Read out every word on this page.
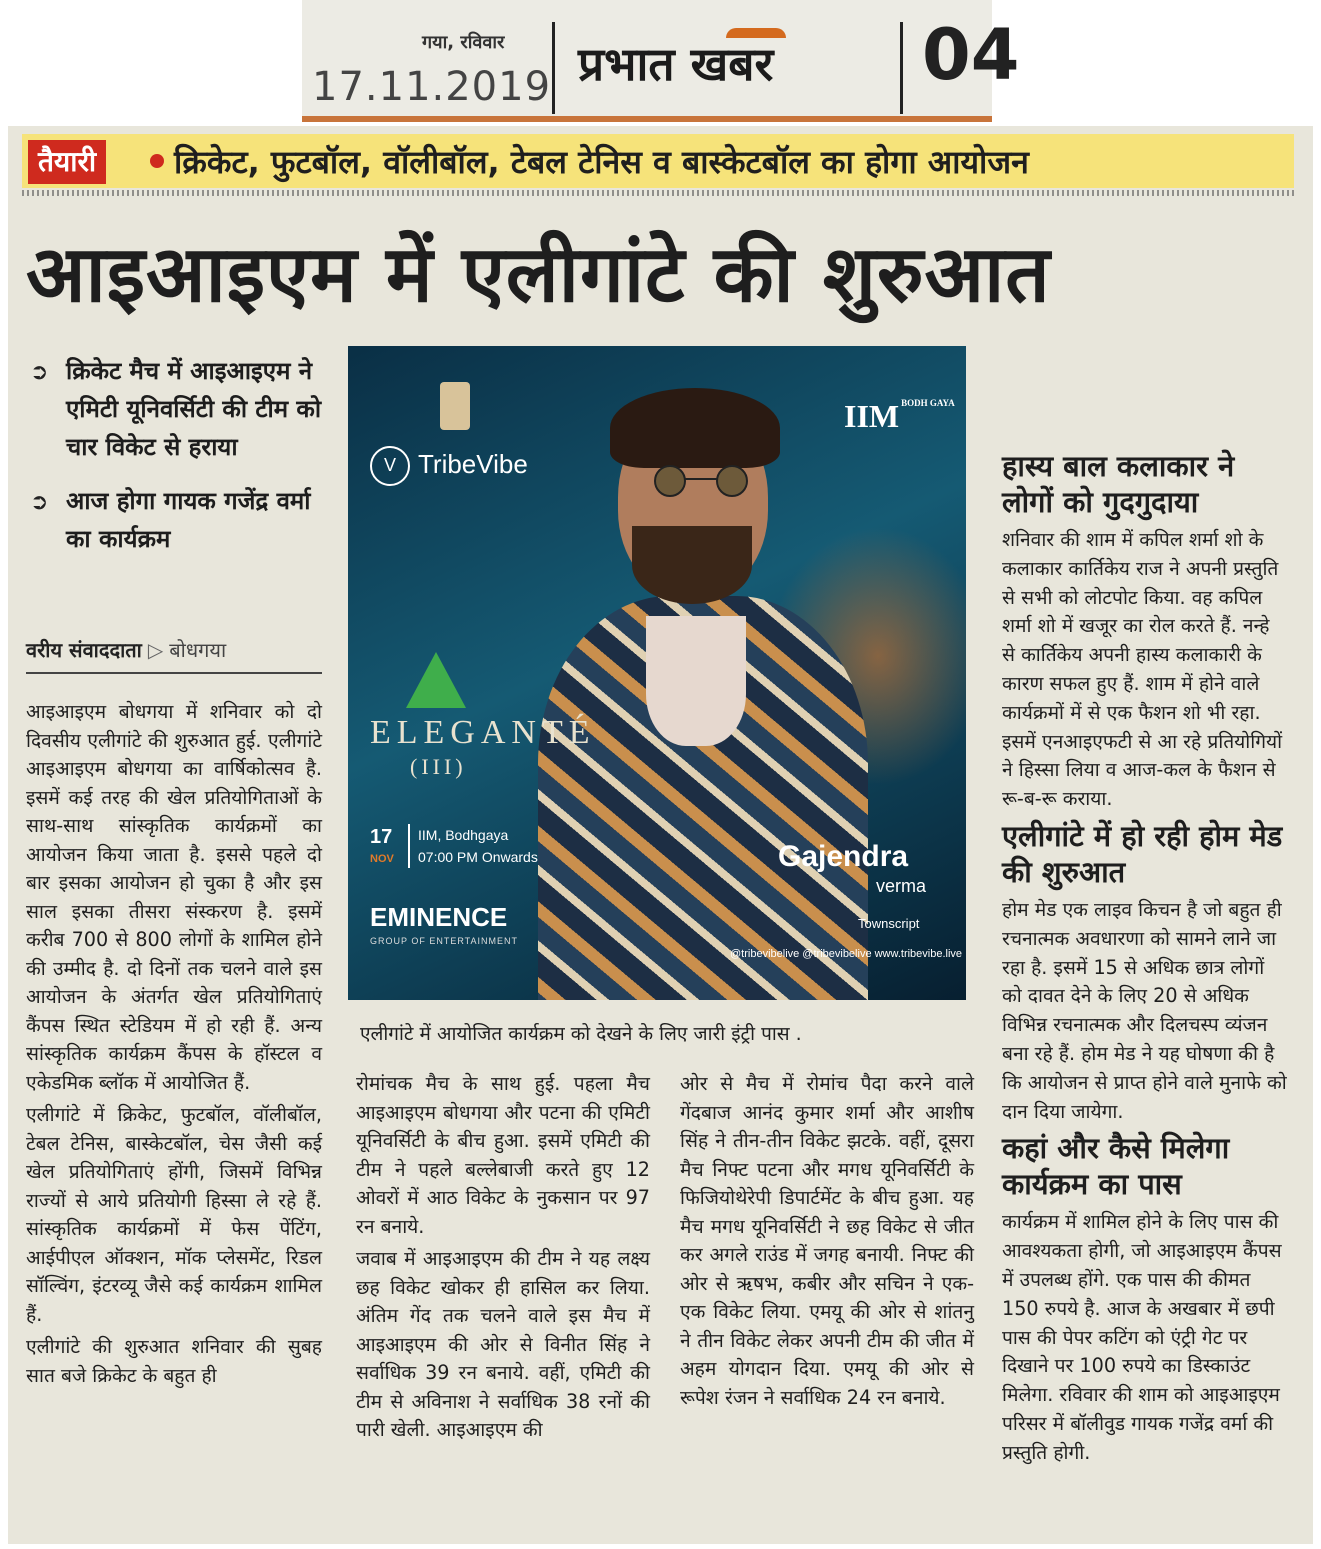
गया, रविवार
17.11.2019 प्रभात खबर 04
तैयारी	क्रिकेट, फुटबॉल, वॉलीबॉल, टेबल टेनिस व बास्केटबॉल का होगा आयोजन
आइआइएम में एलीगांटे की शुरुआत
➲ क्रिकेट मैच में आइआइएम ने एमिटी यूनिवर्सिटी की टीम को चार विकेट से हराया
➲ आज होगा गायक गजेंद्र वर्मा का कार्यक्रम
वरीय संवाददाता ▷ बोधगया

आइआइएम बोधगया में शनिवार को दो दिवसीय एलीगांटे की शुरुआत हुई. एलीगांटे आइआइएम बोधगया का वार्षिकोत्सव है. इसमें कई तरह की खेल प्रतियोगिताओं के साथ-साथ सांस्कृतिक कार्यक्रमों का आयोजन किया जाता है. इससे पहले दो बार इसका आयोजन हो चुका है और इस साल इसका तीसरा संस्करण है. इसमें करीब 700 से 800 लोगों के शामिल होने की उम्मीद है. दो दिनों तक चलने वाले इस आयोजन के अंतर्गत खेल प्रतियोगिताएं कैंपस स्थित स्टेडियम में हो रही हैं. अन्य सांस्कृतिक कार्यक्रम कैंपस के हॉस्टल व एकेडमिक ब्लॉक में आयोजित हैं.

एलीगांटे में क्रिकेट, फुटबॉल, वॉलीबॉल, टेबल टेनिस, बास्केटबॉल, चेस जैसी कई खेल प्रतियोगिताएं होंगी, जिसमें विभिन्न राज्यों से आये प्रतियोगी हिस्सा ले रहे हैं. सांस्कृतिक कार्यक्रमों में फेस पेंटिंग, आईपीएल ऑक्शन, मॉक प्लेसमेंट, रिडल सॉल्विंग, इंटरव्यू जैसे कई कार्यक्रम शामिल हैं.

एलीगांटे की शुरुआत शनिवार की सुबह सात बजे क्रिकेट के बहुत ही

V TribeVibe
IIM $^{BODH GAYA}$
ELEGANTÉ
(III)
17
NOV
IIM, Bodhgaya
07:00 PM Onwards	Gajendra
verma
EMINENCE
GROUP OF ENTERTAINMENT
Townscript
@tribevibelive @tribevibelive www.tribevibe.live
एलीगांटे में आयोजित कार्यक्रम को देखने के लिए जारी इंट्री पास .

रोमांचक मैच के साथ हुई. पहला मैच आइआइएम बोधगया और पटना की एमिटी यूनिवर्सिटी के बीच हुआ. इसमें एमिटी की टीम ने पहले बल्लेबाजी करते हुए 12 ओवरों में आठ विकेट के नुकसान पर 97 रन बनाये.

जवाब में आइआइएम की टीम ने यह लक्ष्य छह विकेट खोकर ही हासिल कर लिया. अंतिम गेंद तक चलने वाले इस मैच में आइआइएम की ओर से विनीत सिंह ने सर्वाधिक 39 रन बनाये. वहीं, एमिटी की टीम से अविनाश ने सर्वाधिक 38 रनों की पारी खेली. आइआइएम की

ओर से मैच में रोमांच पैदा करने वाले गेंदबाज आनंद कुमार शर्मा और आशीष सिंह ने तीन-तीन विकेट झटके. वहीं, दूसरा मैच निफ्ट पटना और मगध यूनिवर्सिटी के फिजियोथेरेपी डिपार्टमेंट के बीच हुआ. यह मैच मगध यूनिवर्सिटी ने छह विकेट से जीत कर अगले राउंड में जगह बनायी. निफ्ट की ओर से ऋषभ, कबीर और सचिन ने एक-एक विकेट लिया. एमयू की ओर से शांतनु ने तीन विकेट लेकर अपनी टीम की जीत में अहम योगदान दिया. एमयू की ओर से रूपेश रंजन ने सर्वाधिक 24 रन बनाये.

हास्य बाल कलाकार ने लोगों को गुदगुदाया

शनिवार की शाम में कपिल शर्मा शो के कलाकार कार्तिकेय राज ने अपनी प्रस्तुति से सभी को लोटपोट किया. वह कपिल शर्मा शो में खजूर का रोल करते हैं. नन्हे से कार्तिकेय अपनी हास्य कलाकारी के कारण सफल हुए हैं. शाम में होने वाले कार्यक्रमों में से एक फैशन शो भी रहा. इसमें एनआइएफटी से आ रहे प्रतियोगियों ने हिस्सा लिया व आज-कल के फैशन से रू-ब-रू कराया.

एलीगांटे में हो रही होम मेड की शुरुआत

होम मेड एक लाइव किचन है जो बहुत ही रचनात्मक अवधारणा को सामने लाने जा रहा है. इसमें 15 से अधिक छात्र लोगों को दावत देने के लिए 20 से अधिक विभिन्न रचनात्मक और दिलचस्प व्यंजन बना रहे हैं. होम मेड ने यह घोषणा की है कि आयोजन से प्राप्त होने वाले मुनाफे को दान दिया जायेगा.

कहां और कैसे मिलेगा कार्यक्रम का पास

कार्यक्रम में शामिल होने के लिए पास की आवश्यकता होगी, जो आइआइएम कैंपस में उपलब्ध होंगे. एक पास की कीमत 150 रुपये है. आज के अखबार में छपी पास की पेपर कटिंग को एंट्री गेट पर दिखाने पर 100 रुपये का डिस्काउंट मिलेगा. रविवार की शाम को आइआइएम परिसर में बॉलीवुड गायक गजेंद्र वर्मा की प्रस्तुति होगी.
